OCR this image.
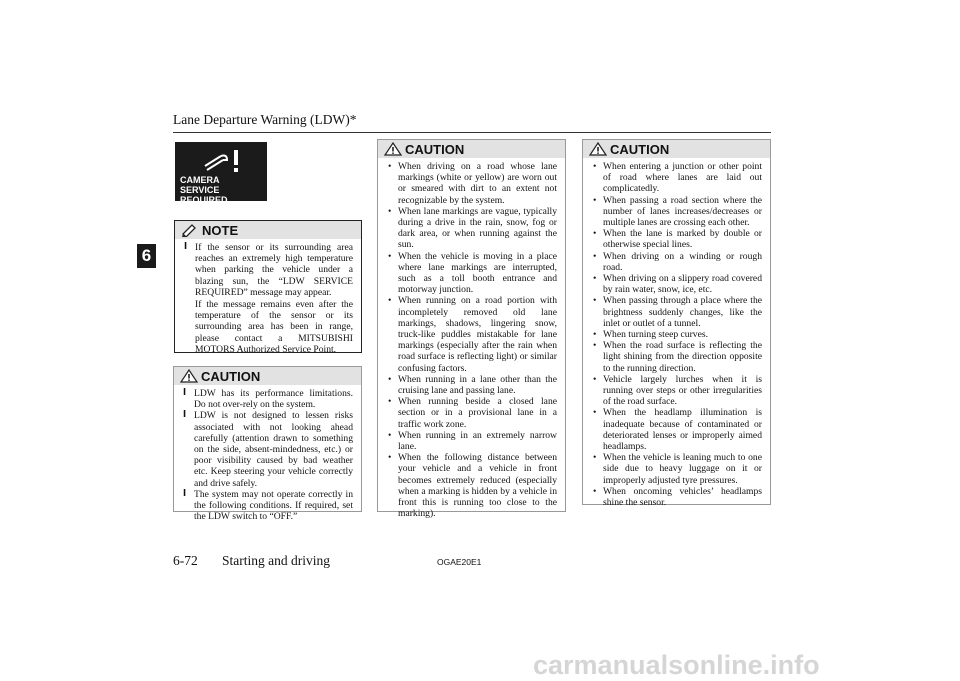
Lane Departure Warning (LDW)*
6
CAMERA
SERVICE REQUIRED
NOTE
l If the sensor or its surrounding area reaches an extremely high temperature when parking the vehicle under a blazing sun, the “LDW SERVICE REQUIRED” message may appear.
If the message remains even after the temperature of the sensor or its surrounding area has been in range, please contact a MITSUBISHI MOTORS Authorized Service Point.
CAUTION
l LDW has its performance limitations. Do not over-rely on the system.
l LDW is not designed to lessen risks associated with not looking ahead carefully (attention drawn to something on the side, absent-mindedness, etc.) or poor visibility caused by bad weather etc. Keep steering your vehicle correctly and drive safely.
l The system may not operate correctly in the following conditions. If required, set the LDW switch to “OFF.”
CAUTION
• When driving on a road whose lane markings (white or yellow) are worn out or smeared with dirt to an extent not recognizable by the system.
• When lane markings are vague, typically during a drive in the rain, snow, fog or dark area, or when running against the sun.
• When the vehicle is moving in a place where lane markings are interrupted, such as a toll booth entrance and motorway junction.
• When running on a road portion with incompletely removed old lane markings, shadows, lingering snow, truck-like puddles mistakable for lane markings (especially after the rain when road surface is reflecting light) or similar confusing factors.
• When running in a lane other than the cruising lane and passing lane.
• When running beside a closed lane section or in a provisional lane in a traffic work zone.
• When running in an extremely narrow lane.
• When the following distance between your vehicle and a vehicle in front becomes extremely reduced (especially when a marking is hidden by a vehicle in front this is running too close to the marking).
CAUTION
• When entering a junction or other point of road where lanes are laid out complicatedly.
• When passing a road section where the number of lanes increases/decreases or multiple lanes are crossing each other.
• When the lane is marked by double or otherwise special lines.
• When driving on a winding or rough road.
• When driving on a slippery road covered by rain water, snow, ice, etc.
• When passing through a place where the brightness suddenly changes, like the inlet or outlet of a tunnel.
• When turning steep curves.
• When the road surface is reflecting the light shining from the direction opposite to the running direction.
• Vehicle largely lurches when it is running over steps or other irregularities of the road surface.
• When the headlamp illumination is inadequate because of contaminated or deteriorated lenses or improperly aimed headlamps.
• When the vehicle is leaning much to one side due to heavy luggage on it or improperly adjusted tyre pressures.
• When oncoming vehicles’ headlamps shine the sensor.
6-72 Starting and driving	OGAE20E1
carmanualsonline.info
